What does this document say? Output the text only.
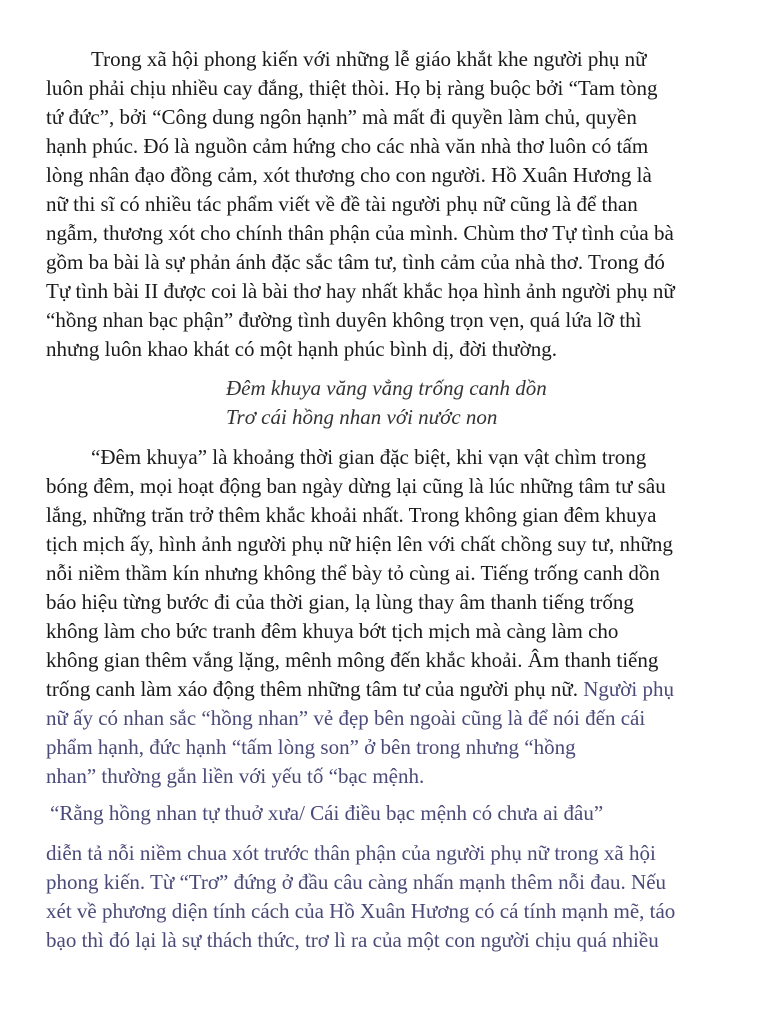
Trong xã hội phong kiến với những lễ giáo khắt khe người phụ nữ
luôn phải chịu nhiều cay đắng, thiệt thòi. Họ bị ràng buộc bởi “Tam tòng
tứ đức”, bởi “Công dung ngôn hạnh” mà mất đi quyền làm chủ, quyền
hạnh phúc. Đó là nguồn cảm hứng cho các nhà văn nhà thơ luôn có tấm
lòng nhân đạo đồng cảm, xót thương cho con người. Hồ Xuân Hương là
nữ thi sĩ có nhiều tác phẩm viết về đề tài người phụ nữ cũng là để than
ngẫm, thương xót cho chính thân phận của mình. Chùm thơ Tự tình của bà
gồm ba bài là sự phản ánh đặc sắc tâm tư, tình cảm của nhà thơ. Trong đó
Tự tình bài II được coi là bài thơ hay nhất khắc họa hình ảnh người phụ nữ
“hồng nhan bạc phận” đường tình duyên không trọn vẹn, quá lứa lỡ thì
nhưng luôn khao khát có một hạnh phúc bình dị, đời thường.

Đêm khuya văng vẳng trống canh dồn
Trơ cái hồng nhan với nước non

“Đêm khuya” là khoảng thời gian đặc biệt, khi vạn vật chìm trong
bóng đêm, mọi hoạt động ban ngày dừng lại cũng là lúc những tâm tư sâu
lắng, những trăn trở thêm khắc khoải nhất. Trong không gian đêm khuya
tịch mịch ấy, hình ảnh người phụ nữ hiện lên với chất chồng suy tư, những
nỗi niềm thầm kín nhưng không thể bày tỏ cùng ai. Tiếng trống canh dồn
báo hiệu từng bước đi của thời gian, lạ lùng thay âm thanh tiếng trống
không làm cho bức tranh đêm khuya bớt tịch mịch mà càng làm cho
không gian thêm vắng lặng, mênh mông đến khắc khoải. Âm thanh tiếng
trống canh làm xáo động thêm những tâm tư của người phụ nữ. Người phụ
nữ ấy có nhan sắc “hồng nhan” vẻ đẹp bên ngoài cũng là để nói đến cái
phẩm hạnh, đức hạnh “tấm lòng son” ở bên trong nhưng “hồng
nhan” thường gắn liền với yếu tố “bạc mệnh.

“Rằng hồng nhan tự thuở xưa/ Cái điều bạc mệnh có chưa ai đâu”

diễn tả nỗi niềm chua xót trước thân phận của người phụ nữ trong xã hội
phong kiến. Từ “Trơ” đứng ở đầu câu càng nhấn mạnh thêm nỗi đau. Nếu
xét về phương diện tính cách của Hồ Xuân Hương có cá tính mạnh mẽ, táo
bạo thì đó lại là sự thách thức, trơ lì ra của một con người chịu quá nhiều
